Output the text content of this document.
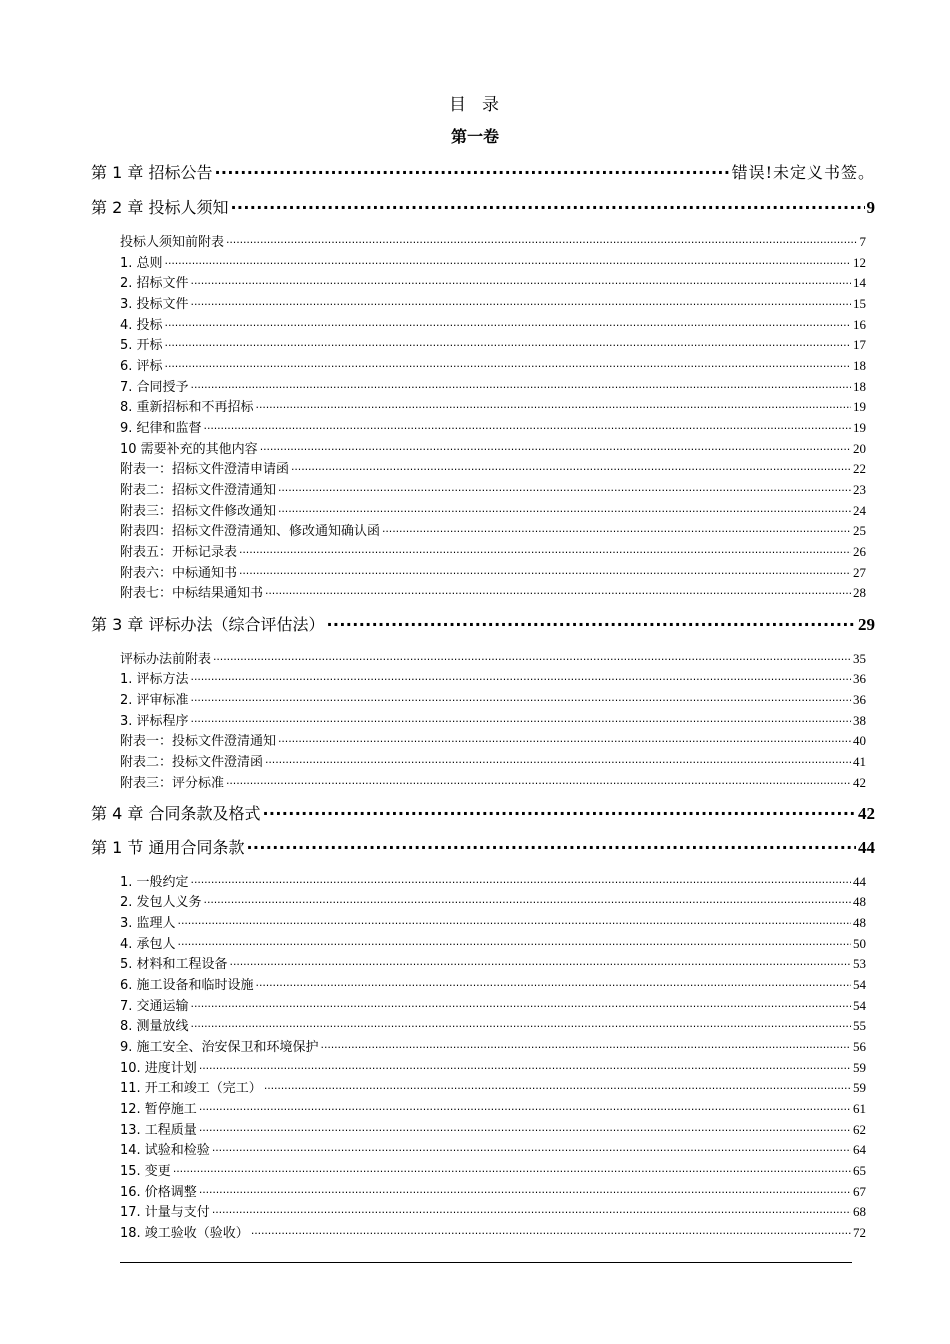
目 录
第一卷
第 1 章 招标公告 . . .	错误!未定义书签。
第 2 章 投标人须知 . . .	9
投标人须知前附表 . . .	7
1. 总则 . . .	12
2. 招标文件 . . .	14
3. 投标文件 . . .	15
4. 投标 . . .	16
5. 开标 . . .	17
6. 评标 . . .	18
7. 合同授予 . . .	18
8. 重新招标和不再招标 . . .	19
9. 纪律和监督 . . .	19
10 需要补充的其他内容 . . .	20
附表一：招标文件澄清申请函 . . .	22
附表二：招标文件澄清通知 . . .	23
附表三：招标文件修改通知 . . .	24
附表四：招标文件澄清通知、修改通知确认函 . . .	25
附表五：开标记录表 . . .	26
附表六：中标通知书 . . .	27
附表七：中标结果通知书 . . .	28
第 3 章 评标办法（综合评估法） . . .	29
评标办法前附表 . . .	35
1. 评标方法 . . .	36
2. 评审标准 . . .	36
3. 评标程序 . . .	38
附表一：投标文件澄清通知 . . .	40
附表二：投标文件澄清函 . . .	41
附表三：评分标准 . . .	42
第 4 章 合同条款及格式 . . .	42
第 1 节 通用合同条款 . . .	44
1. 一般约定 . . .	44
2. 发包人义务 . . .	48
3. 监理人 . . .	48
4. 承包人 . . .	50
5. 材料和工程设备 . . .	53
6. 施工设备和临时设施 . . .	54
7. 交通运输 . . .	54
8. 测量放线 . . .	55
9. 施工安全、治安保卫和环境保护 . . .	56
10. 进度计划 . . .	59
11. 开工和竣工（完工） . . .	59
12. 暂停施工 . . .	61
13. 工程质量 . . .	62
14. 试验和检验 . . .	64
15. 变更 . . .	65
16. 价格调整 . . .	67
17. 计量与支付 . . .	68
18. 竣工验收（验收） . . .	72
